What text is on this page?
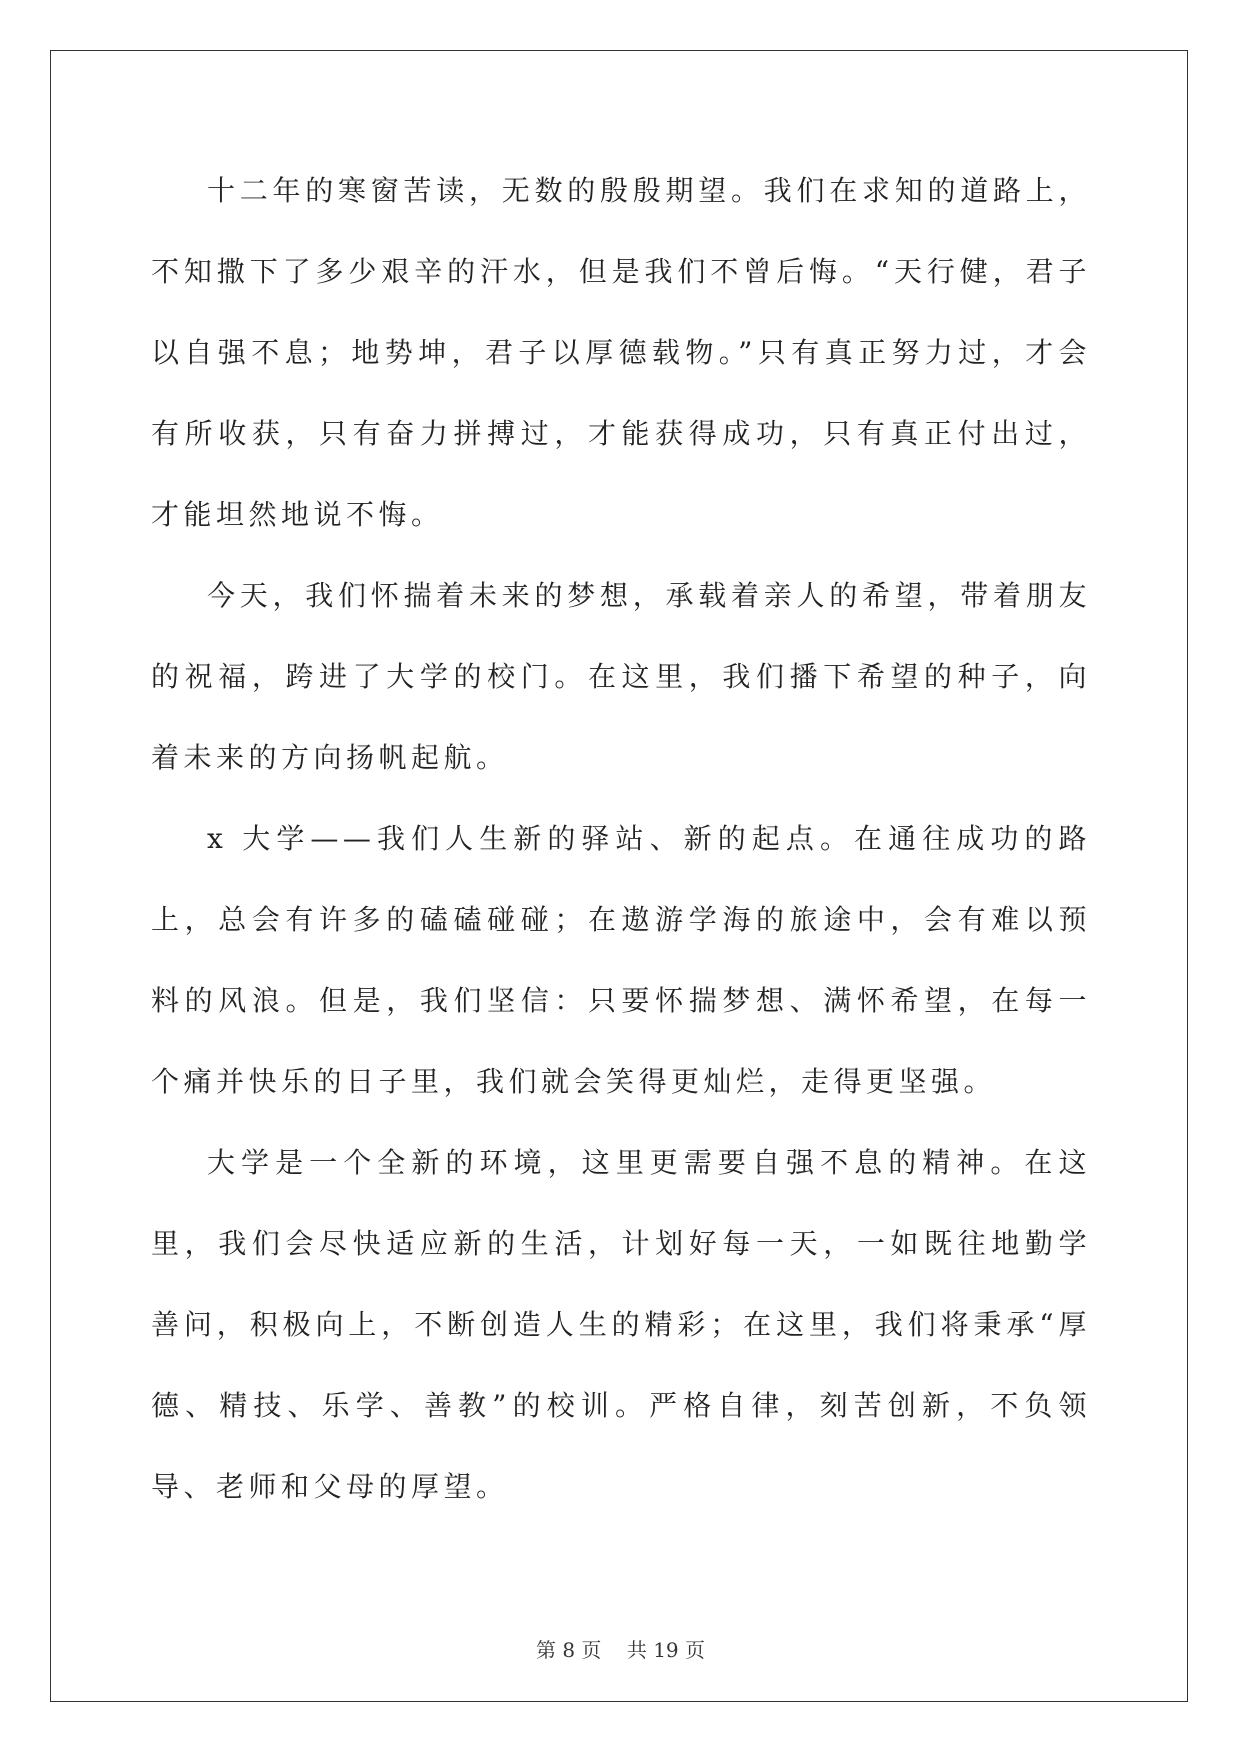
十二年的寒窗苦读，无数的殷殷期望。我们在求知的道路上，不知撒下了多少艰辛的汗水，但是我们不曾后悔。“天行健，君子以自强不息；地势坤，君子以厚德载物。”只有真正努力过，才会有所收获，只有奋力拼搏过，才能获得成功，只有真正付出过，才能坦然地说不悔。

今天，我们怀揣着未来的梦想，承载着亲人的希望，带着朋友的祝福，跨进了大学的校门。在这里，我们播下希望的种子，向着未来的方向扬帆起航。

x 大学——我们人生新的驿站、新的起点。在通往成功的路上，总会有许多的磕磕碰碰；在遨游学海的旅途中，会有难以预料的风浪。但是，我们坚信：只要怀揣梦想、满怀希望，在每一个痛并快乐的日子里，我们就会笑得更灿烂，走得更坚强。

大学是一个全新的环境，这里更需要自强不息的精神。在这里，我们会尽快适应新的生活，计划好每一天，一如既往地勤学善问，积极向上，不断创造人生的精彩；在这里，我们将秉承“厚德、精技、乐学、善教”的校训。严格自律，刻苦创新，不负领导、老师和父母的厚望。

第 8 页    共 19 页
